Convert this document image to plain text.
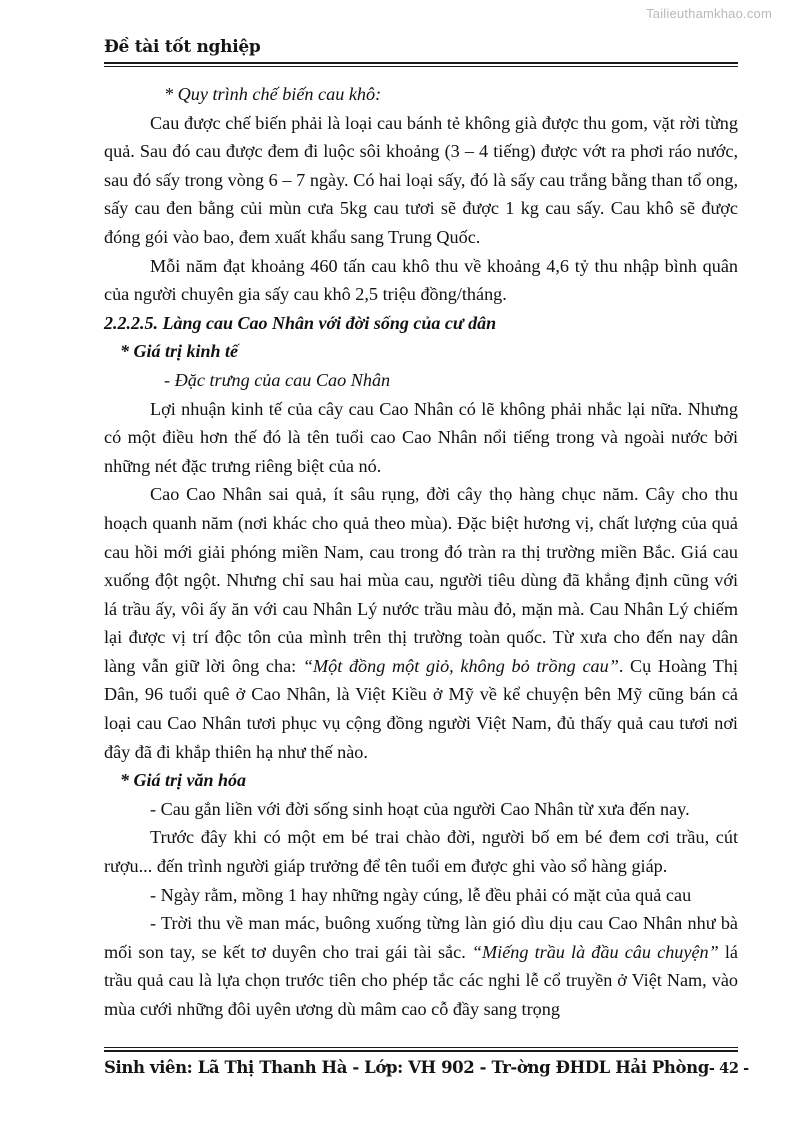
Tailieuthamkhao.com
Đề tài tốt nghiệp

* Quy trình chế biến cau khô:

Cau được chế biến phải là loại cau bánh tẻ không già được thu gom, vặt rời từng quả. Sau đó cau được đem đi luộc sôi khoảng (3 – 4 tiếng) được vớt ra phơi ráo nước, sau đó sấy trong vòng 6 – 7 ngày. Có hai loại sấy, đó là sấy cau trắng bằng than tổ ong, sấy cau đen bằng củi mùn cưa 5kg cau tươi sẽ được 1 kg cau sấy. Cau khô sẽ được đóng gói vào bao, đem xuất khẩu sang Trung Quốc.

Mỗi năm đạt khoảng 460 tấn cau khô thu về khoảng 4,6 tỷ thu nhập bình quân của người chuyên gia sấy cau khô 2,5 triệu đồng/tháng.

2.2.2.5. Làng cau Cao Nhân với đời sống của cư dân

* Giá trị kinh tế

- Đặc trưng của cau Cao Nhân

Lợi nhuận kinh tế của cây cau Cao Nhân có lẽ không phải nhắc lại nữa. Nhưng có một điều hơn thế đó là tên tuổi cao Cao Nhân nổi tiếng trong và ngoài nước bởi những nét đặc trưng riêng biệt của nó.

Cao Cao Nhân sai quả, ít sâu rụng, đời cây thọ hàng chục năm. Cây cho thu hoạch quanh năm (nơi khác cho quả theo mùa). Đặc biệt hương vị, chất lượng của quả cau hồi mới giải phóng miền Nam, cau trong đó tràn ra thị trường miền Bắc. Giá cau xuống đột ngột. Nhưng chỉ sau hai mùa cau, người tiêu dùng đã khẳng định cũng với lá trầu ấy, vôi ấy ăn với cau Nhân Lý nước trầu màu đỏ, mặn mà. Cau Nhân Lý chiếm lại được vị trí độc tôn của mình trên thị trường toàn quốc. Từ xưa cho đến nay dân làng vẫn giữ lời ông cha: “Một đồng một giỏ, không bỏ trồng cau”. Cụ Hoàng Thị Dân, 96 tuổi quê ở Cao Nhân, là Việt Kiều ở Mỹ về kể chuyện bên Mỹ cũng bán cả loại cau Cao Nhân tươi phục vụ cộng đồng người Việt Nam, đủ thấy quả cau tươi nơi đây đã đi khắp thiên hạ như thế nào.

* Giá trị văn hóa

- Cau gắn liền với đời sống sinh hoạt của người Cao Nhân từ xưa đến nay.

Trước đây khi có một em bé trai chào đời, người bố em bé đem cơi trầu, cút rượu... đến trình người giáp trưởng để tên tuổi em được ghi vào sổ hàng giáp.

- Ngày rằm, mồng 1 hay những ngày cúng, lễ đều phải có mặt của quả cau

- Trời thu về man mác, buông xuống từng làn gió dìu dịu cau Cao Nhân như bà mối son tay, se kết tơ duyên cho trai gái tài sắc. “Miếng trầu là đầu câu chuyện” lá trầu quả cau là lựa chọn trước tiên cho phép tắc các nghi lễ cổ truyền ở Việt Nam, vào mùa cưới những đôi uyên ương dù mâm cao cỗ đầy sang trọng

Sinh viên: Lã Thị Thanh Hà - Lớp: VH 902 - Tr-ờng ĐHDL Hải Phòng - 42 -
